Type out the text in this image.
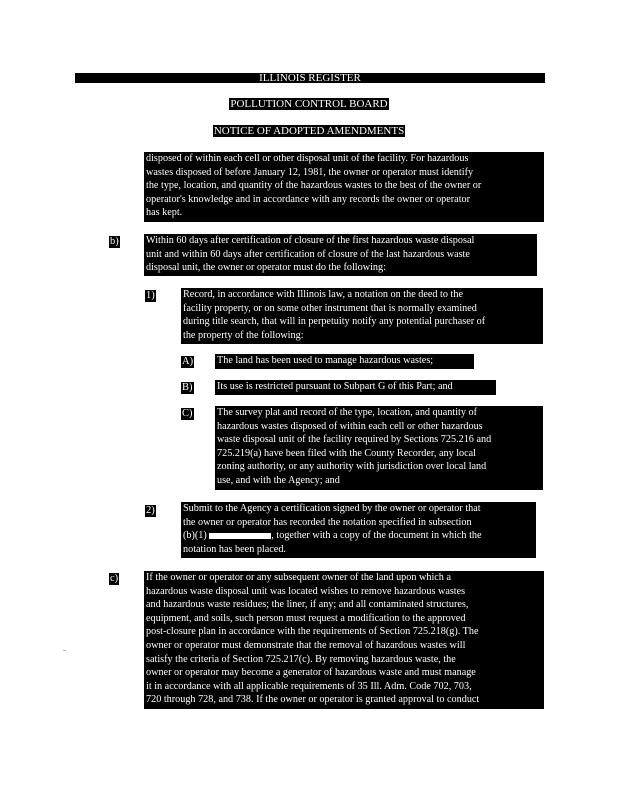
ILLINOIS REGISTER
POLLUTION CONTROL BOARD
NOTICE OF ADOPTED AMENDMENTS

disposed of within each cell or other disposal unit of the facility. For hazardous

wastes disposed of before January 12, 1981, the owner or operator must identify

the type, location, and quantity of the hazardous wastes to the best of the owner or

operator's knowledge and in accordance with any records the owner or operator

has kept.

b)	Within 60 days after certification of closure of the first hazardous waste disposal

unit and within 60 days after certification of closure of the last hazardous waste

disposal unit, the owner or operator must do the following:

1)	Record, in accordance with Illinois law, a notation on the deed to the

facility property, or on some other instrument that is normally examined

during title search, that will in perpetuity notify any potential purchaser of

the property of the following:

A) The land has been used to manage hazardous wastes;

B) Its use is restricted pursuant to Subpart G of this Part; and

C) The survey plat and record of the type, location, and quantity of

hazardous wastes disposed of within each cell or other hazardous

waste disposal unit of the facility required by Sections 725.216 and

725.219(a) have been filed with the County Recorder, any local

zoning authority, or any authority with jurisdiction over local land

use, and with the Agency; and

2)	Submit to the Agency a certification signed by the owner or operator that

the owner or operator has recorded the notation specified in subsection

(b)(1)	, together with a copy of the document in which the

notation has been placed.

c)	If the owner or operator or any subsequent owner of the land upon which a

hazardous waste disposal unit was located wishes to remove hazardous wastes

and hazardous waste residues; the liner, if any; and all contaminated structures,

equipment, and soils, such person must request a modification to the approved

post-closure plan in accordance with the requirements of Section 725.218(g). The

owner or operator must demonstrate that the removal of hazardous wastes will

satisfy the criteria of Section 725.217(c). By removing hazardous waste, the

owner or operator may become a generator of hazardous waste and must manage

it in accordance with all applicable requirements of 35 Ill. Adm. Code 702, 703,

720 through 728, and 738. If the owner or operator is granted approval to conduct
